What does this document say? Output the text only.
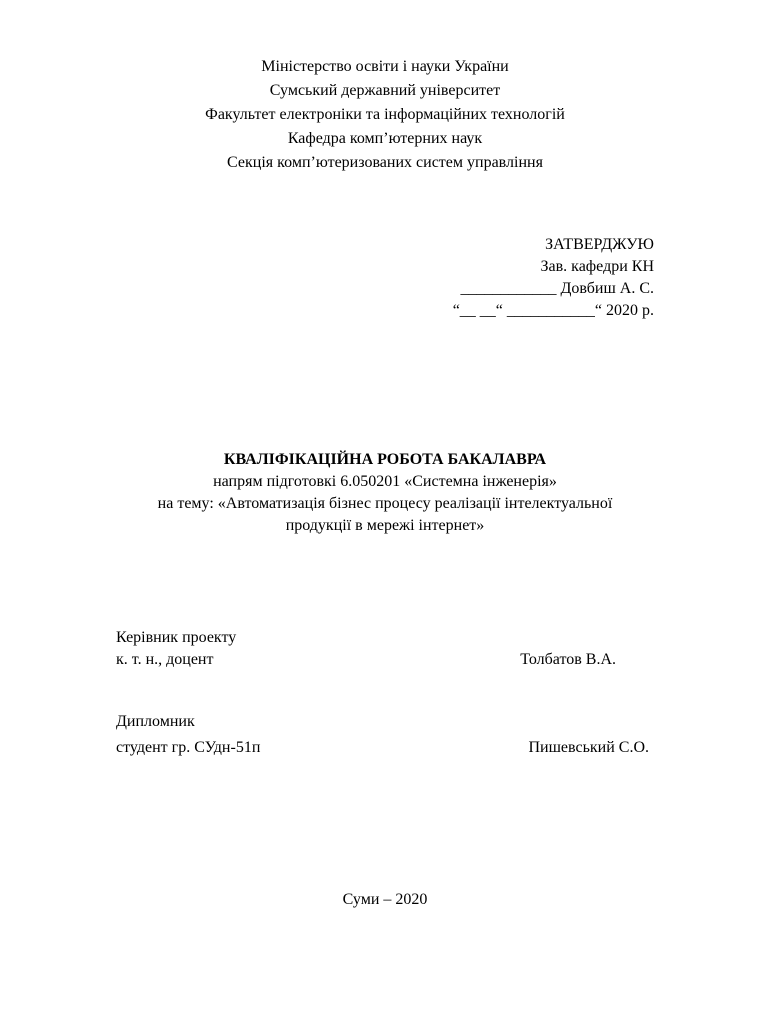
Міністерство освіти і науки України
Сумський державний університет
Факультет електроніки та інформаційних технологій
Кафедра комп’ютерних наук
Секція комп’ютеризованих систем управління
ЗАТВЕРДЖУЮ
Зав. кафедри КН
____________ Довбиш А. С.
“__ __“ ___________“ 2020 р.
КВАЛІФІКАЦІЙНА РОБОТА БАКАЛАВРА
напрям підготовкі 6.050201 «Системна інженерія»
на тему: «Автоматизація бізнес процесу реалізації інтелектуальної
продукції в мережі інтернет»
Керівник проекту
к. т. н., доцент	Толбатов В.А.
Дипломник
студент гр. СУдн-51п	Пишевський С.О.
Суми – 2020
